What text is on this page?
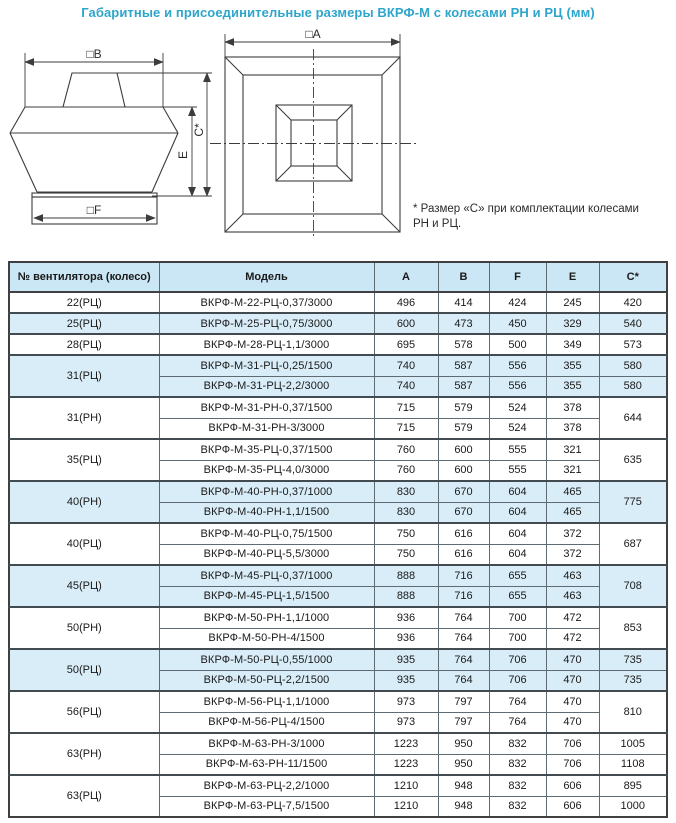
Габаритные и присоединительные размеры ВКРФ-М с колесами РН и РЦ (мм)
□B
□F
E
C*
□A
* Размер «С» при комплектации колесами
РН и РЦ.
№ вентилятора (колесо)	Модель	A	B	F	E	C*
22(РЦ)	ВКРФ-М-22-РЦ-0,37/3000	496	414	424	245	420
25(РЦ)	ВКРФ-М-25-РЦ-0,75/3000	600	473	450	329	540
28(РЦ)	ВКРФ-М-28-РЦ-1,1/3000	695	578	500	349	573
31(РЦ)	ВКРФ-М-31-РЦ-0,25/1500	740	587	556	355	580
	ВКРФ-М-31-РЦ-2,2/3000	740	587	556	355	580
31(РН)	ВКРФ-М-31-РН-0,37/1500	715	579	524	378	644
	ВКРФ-М-31-РН-3/3000	715	579	524	378	
35(РЦ)	ВКРФ-М-35-РЦ-0,37/1500	760	600	555	321	635
	ВКРФ-М-35-РЦ-4,0/3000	760	600	555	321	
40(РН)	ВКРФ-М-40-РН-0,37/1000	830	670	604	465	775
	ВКРФ-М-40-РН-1,1/1500	830	670	604	465	
40(РЦ)	ВКРФ-М-40-РЦ-0,75/1500	750	616	604	372	687
	ВКРФ-М-40-РЦ-5,5/3000	750	616	604	372	
45(РЦ)	ВКРФ-М-45-РЦ-0,37/1000	888	716	655	463	708
	ВКРФ-М-45-РЦ-1,5/1500	888	716	655	463	
50(РН)	ВКРФ-М-50-РН-1,1/1000	936	764	700	472	853
	ВКРФ-М-50-РН-4/1500	936	764	700	472	
50(РЦ)	ВКРФ-М-50-РЦ-0,55/1000	935	764	706	470	735
	ВКРФ-М-50-РЦ-2,2/1500	935	764	706	470	735
56(РЦ)	ВКРФ-М-56-РЦ-1,1/1000	973	797	764	470	810
	ВКРФ-М-56-РЦ-4/1500	973	797	764	470	
63(РН)	ВКРФ-М-63-РН-3/1000	1223	950	832	706	1005
	ВКРФ-М-63-РН-11/1500	1223	950	832	706	1108
63(РЦ)	ВКРФ-М-63-РЦ-2,2/1000	1210	948	832	606	895
	ВКРФ-М-63-РЦ-7,5/1500	1210	948	832	606	1000
